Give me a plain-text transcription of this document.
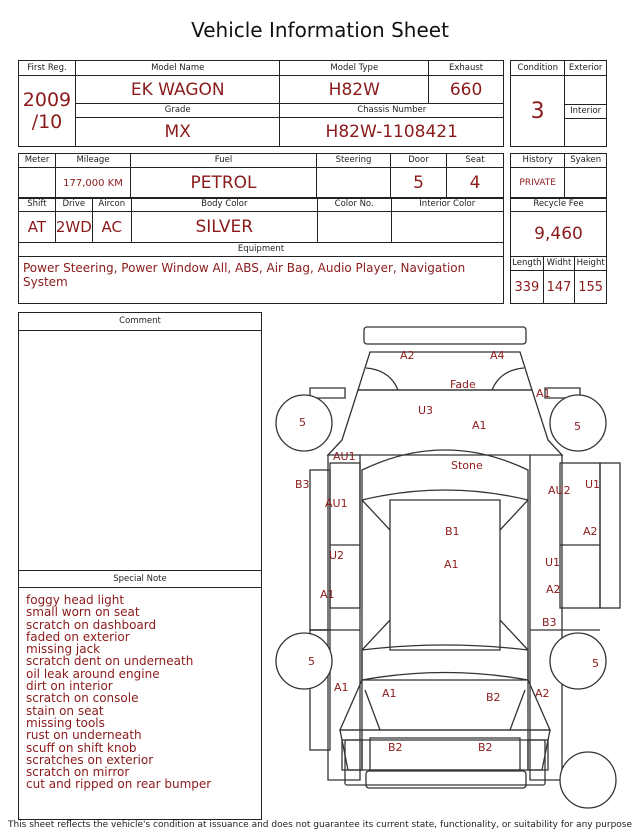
Vehicle Information Sheet
First Reg.	Model Name	Model Type	Exhaust

2009
/10	EK WAGON	H82W	660
	Grade	Chassis Number	
	MX	H82W-1108421	
Condition	Exterior
3	
	Interior

Meter	Mileage	Fuel	Steering	Door	Seat
	177,000 KM	PETROL		5	4
Shift	Drive	Aircon	Body Color	Color No.	Interior Color
AT	2WD	AC	SILVER		
Equipment					
Power Steering, Power Window All, ABS, Air Bag, Audio Player, Navigation System					
History	Syaken
PRIVATE	
Recycle Fee		
9,460		
Length	Widht	Height
339	147	155
Comment
Special Note
foggy head light
small worn on seat
scratch on dashboard
faded on exterior
missing jack
scratch dent on underneath
oil leak around engine
dirt on interior
scratch on console
stain on seat
missing tools
rust on underneath
scuff on shift knob
scratches on exterior
scratch on mirror
cut and ripped on rear bumper
A2	A4
Fade
A1
U3
A1
5	5
AU1
Stone
B3
AU1
AU2 U1
A2
B1
U2
A1	U1
A2
A1
B3
5	5
A1	A1	B2	A2
B2	B2
This sheet reflects the vehicle's condition at issuance and does not guarantee its current state, functionality, or suitability for any purpose
